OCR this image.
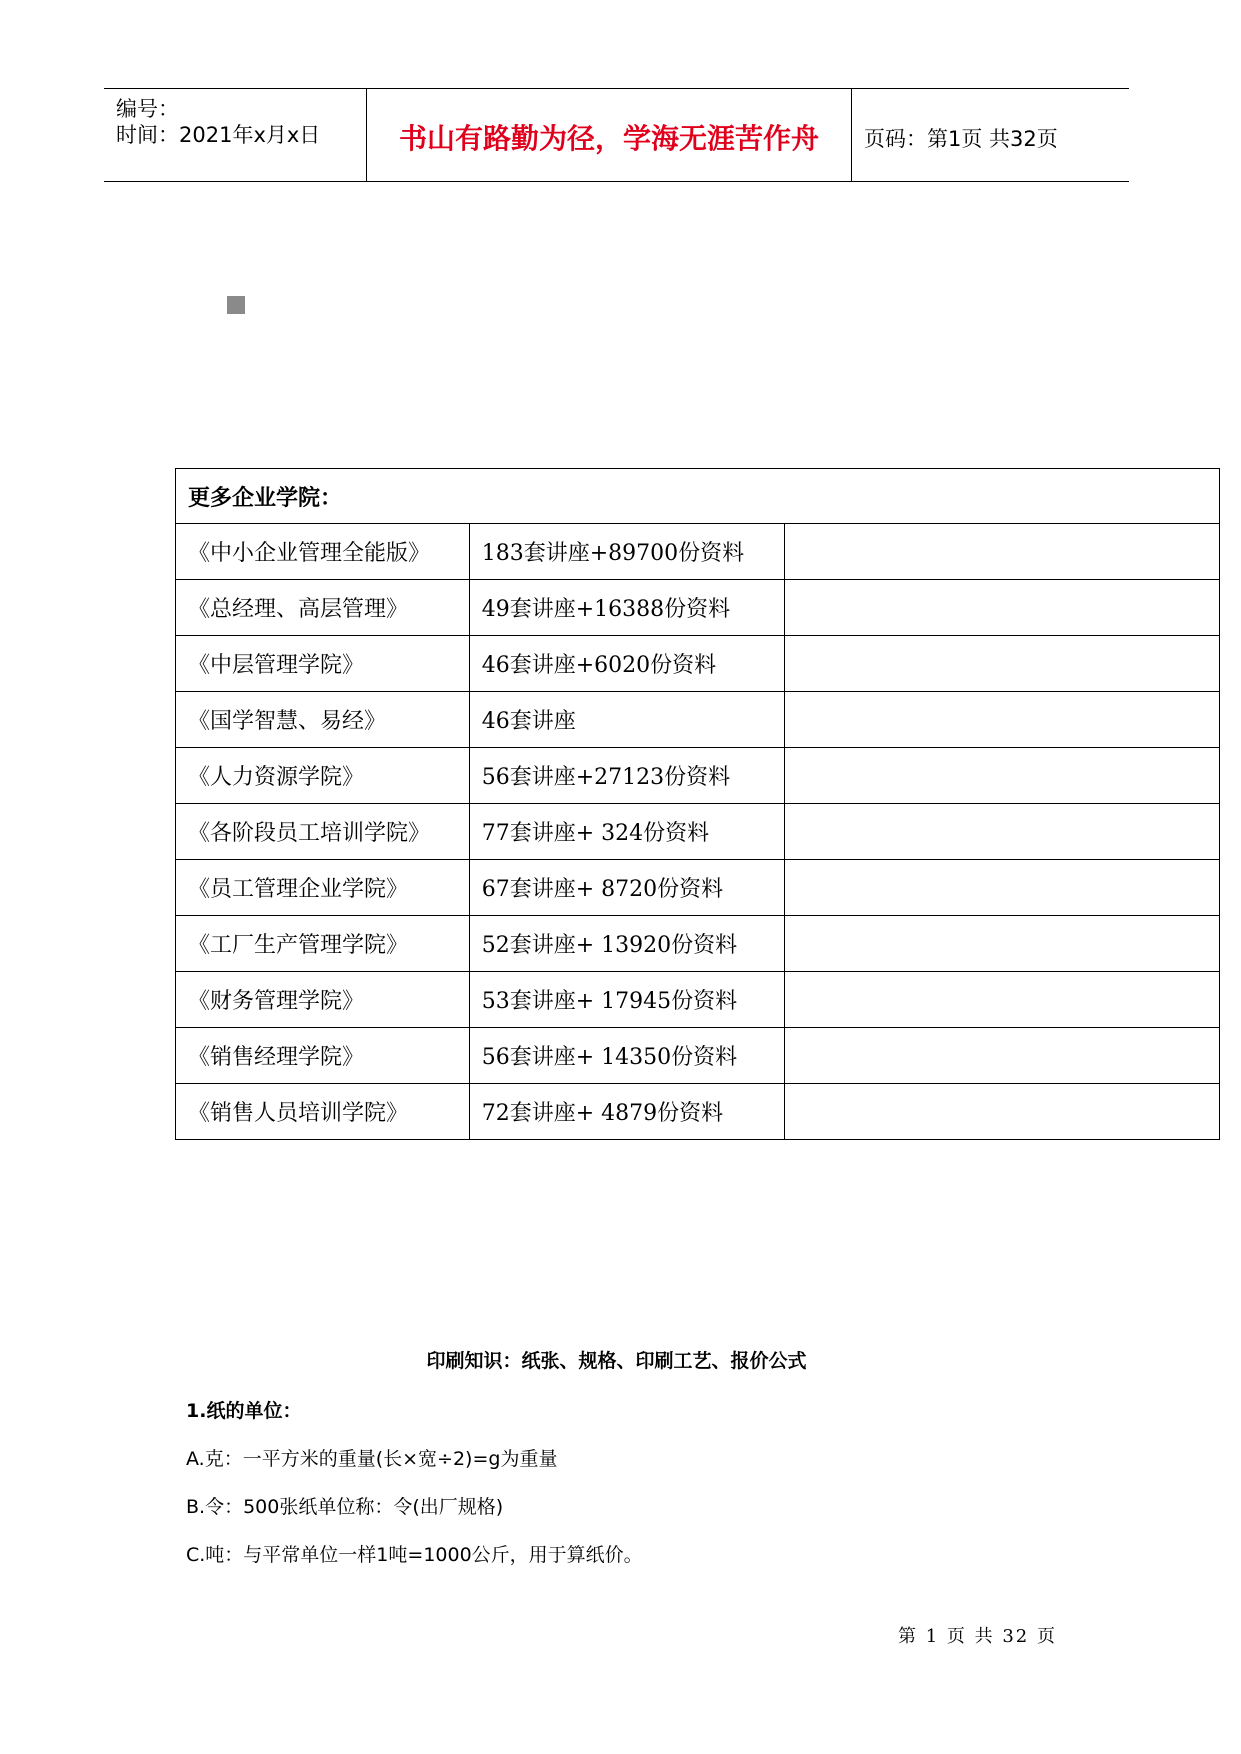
编号：
时间：2021年x月x日	书山有路勤为径，学海无涯苦作舟	页码：第1页 共32页
更多企业学院：		
《中小企业管理全能版》	183套讲座+89700份资料	
《总经理、高层管理》	49套讲座+16388份资料	
《中层管理学院》	46套讲座+6020份资料	
《国学智慧、易经》	46套讲座	
《人力资源学院》	56套讲座+27123份资料	
《各阶段员工培训学院》	77套讲座+ 324份资料	
《员工管理企业学院》	67套讲座+ 8720份资料	
《工厂生产管理学院》	52套讲座+ 13920份资料	
《财务管理学院》	53套讲座+ 17945份资料	
《销售经理学院》	56套讲座+ 14350份资料	
《销售人员培训学院》	72套讲座+ 4879份资料	
印刷知识：纸张、规格、印刷工艺、报价公式
1.纸的单位：
A.克：一平方米的重量(长×宽÷2)=g为重量
B.令：500张纸单位称：令(出厂规格)
C.吨：与平常单位一样1吨=1000公斤，用于算纸价。
第 1 页 共 32 页
